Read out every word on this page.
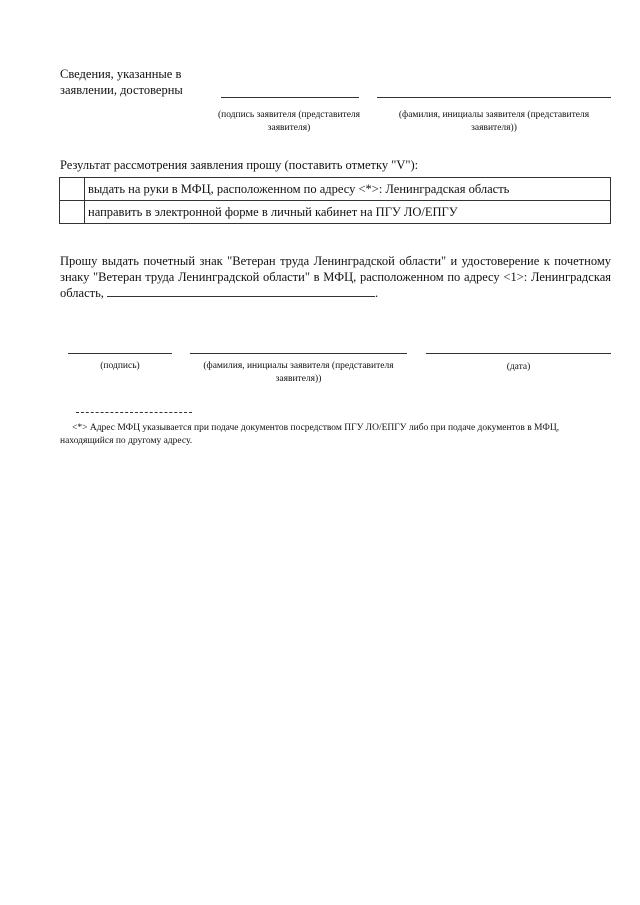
Сведения, указанные в заявлении, достоверны
(подпись заявителя (представителя заявителя)
(фамилия, инициалы заявителя (представителя заявителя))
Результат рассмотрения заявления прошу (поставить отметку "V"):
	выдать на руки в МФЦ, расположенном по адресу <*>: Ленинградская область
	направить в электронной форме в личный кабинет на ПГУ ЛО/ЕПГУ
Прошу выдать почетный знак "Ветеран труда Ленинградской области" и удостоверение к почетному знаку "Ветеран труда Ленинградской области" в МФЦ, расположенном по адресу <1>: Ленинградская область,	.
(подпись)	(фамилия, инициалы заявителя (представителя заявителя))
(дата)
<*> Адрес МФЦ указывается при подаче документов посредством ПГУ ЛО/ЕПГУ либо при подаче документов в МФЦ, находящийся по другому адресу.
